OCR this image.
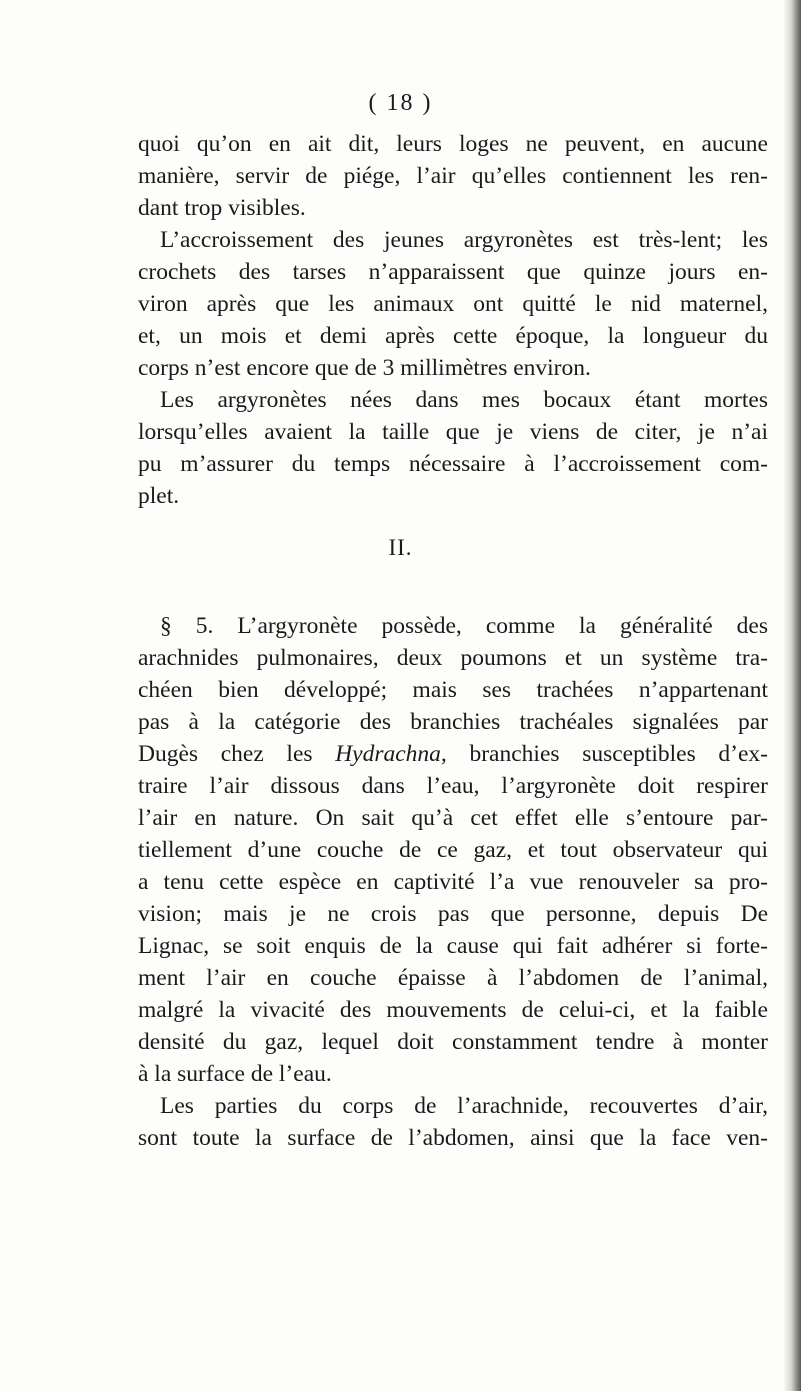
( 18 )
quoi qu’on en ait dit, leurs loges ne peuvent, en aucune
manière, servir de piége, l’air qu’elles contiennent les ren-
dant trop visibles.
L’accroissement des jeunes argyronètes est très-lent; les
crochets des tarses n’apparaissent que quinze jours en-
viron après que les animaux ont quitté le nid maternel,
et, un mois et demi après cette époque, la longueur du
corps n’est encore que de 3 millimètres environ.
Les argyronètes nées dans mes bocaux étant mortes
lorsqu’elles avaient la taille que je viens de citer, je n’ai
pu m’assurer du temps nécessaire à l’accroissement com-
plet.
II.
§ 5. L’argyronète possède, comme la généralité des
arachnides pulmonaires, deux poumons et un système tra-
chéen bien développé; mais ses trachées n’appartenant
pas à la catégorie des branchies trachéales signalées par
Dugès chez les Hydrachna, branchies susceptibles d’ex-
traire l’air dissous dans l’eau, l’argyronète doit respirer
l’air en nature. On sait qu’à cet effet elle s’entoure par-
tiellement d’une couche de ce gaz, et tout observateur qui
a tenu cette espèce en captivité l’a vue renouveler sa pro-
vision; mais je ne crois pas que personne, depuis De
Lignac, se soit enquis de la cause qui fait adhérer si forte-
ment l’air en couche épaisse à l’abdomen de l’animal,
malgré la vivacité des mouvements de celui-ci, et la faible
densité du gaz, lequel doit constamment tendre à monter
à la surface de l’eau.
Les parties du corps de l’arachnide, recouvertes d’air,
sont toute la surface de l’abdomen, ainsi que la face ven-
